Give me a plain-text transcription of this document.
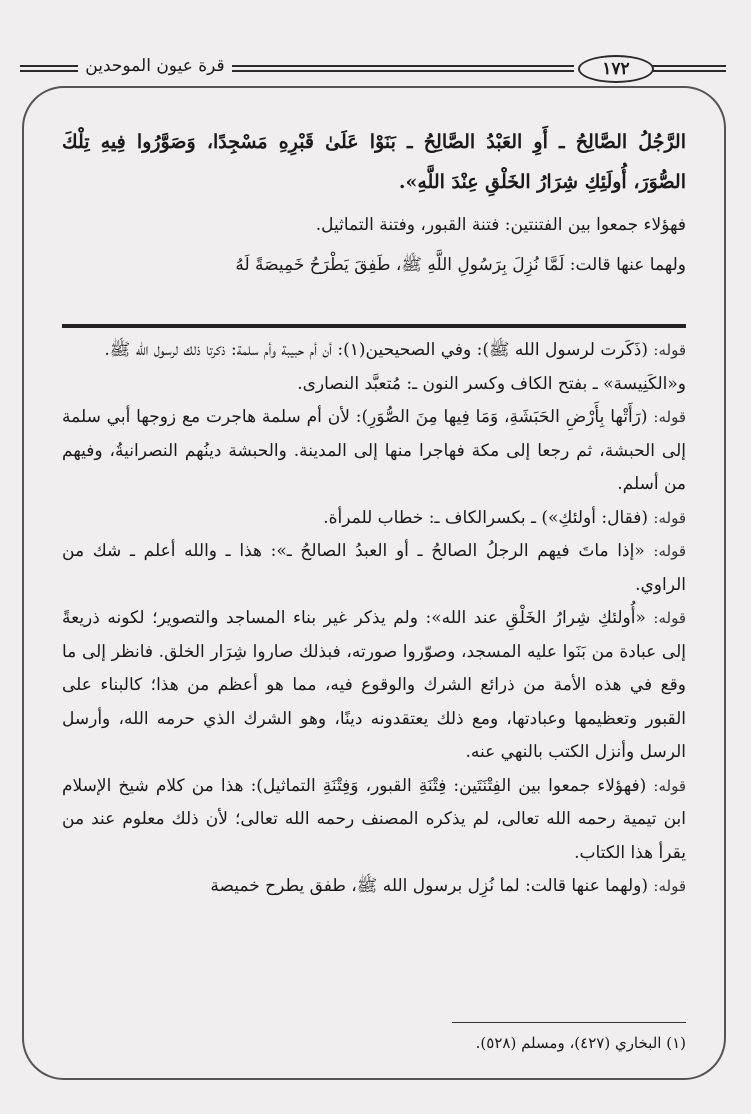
قرة عيون الموحدين	١٧٢

الرَّجُلُ الصَّالِحُ ـ أَوِ العَبْدُ الصَّالِحُ ـ بَنَوْا عَلَىٰ قَبْرِهِ مَسْجِدًا، وَصَوَّرُوا فِيهِ تِلْكَ الصُّوَرَ، أُولَئِكِ شِرَارُ الخَلْقِ عِنْدَ اللَّهِ».

فهؤلاء جمعوا بين الفتنتين: فتنة القبور، وفتنة التماثيل.

ولهما عنها قالت: لَمَّا نُزِلَ بِرَسُولِ اللَّهِ ﷺ، طَفِقَ يَطْرَحُ خَمِيصَةً لَهُ

قوله: (ذَكَرت لرسول الله ﷺ): وفي الصحيحين(١): أن أم حبيبة وأم سلمة: ذكرتا ذلك لرسول الله ﷺ.

و«الكَنِيسة» ـ بفتح الكاف وكسر النون ـ: مُتعبَّد النصارى.

قوله: (رَأَتْها بِأَرْضِ الحَبَشَةِ، وَمَا فِيها مِنَ الصُّوَرِ): لأن أم سلمة هاجرت مع زوجها أبي سلمة إلى الحبشة، ثم رجعا إلى مكة فهاجرا منها إلى المدينة. والحبشة دينُهم النصرانيةُ، وفيهم من أسلم.

قوله: (فقال: أولئكِ») ـ بكسرالكاف ـ: خطاب للمرأة.

قوله: «إذا ماتَ فيهم الرجلُ الصالحُ ـ أو العبدُ الصالحُ ـ»: هذا ـ والله أعلم ـ شك من الراوي.

قوله: «أُولئكِ شِرارُ الخَلْقِ عند الله»: ولم يذكر غير بناء المساجد والتصوير؛ لكونه ذريعةً إلى عبادة من بَنَوا عليه المسجد، وصوّروا صورته، فبذلك صاروا شِرَار الخلق. فانظر إلى ما وقع في هذه الأمة من ذرائع الشرك والوقوع فيه، مما هو أعظم من هذا؛ كالبناء على القبور وتعظيمها وعبادتها، ومع ذلك يعتقدونه دينًا، وهو الشرك الذي حرمه الله، وأرسل الرسل وأنزل الكتب بالنهي عنه.

قوله: (فهؤلاء جمعوا بين الفِتْنَتَين: فِتْنَةِ القبور، وَفِتْنَةِ التماثيل): هذا من كلام شيخ الإسلام ابن تيمية رحمه الله تعالى، لم يذكره المصنف رحمه الله تعالى؛ لأن ذلك معلوم عند من يقرأ هذا الكتاب.

قوله: (ولهما عنها قالت: لما نُزِل برسول الله ﷺ، طفق يطرح خميصة

(١) البخاري (٤٢٧)، ومسلم (٥٢٨).
